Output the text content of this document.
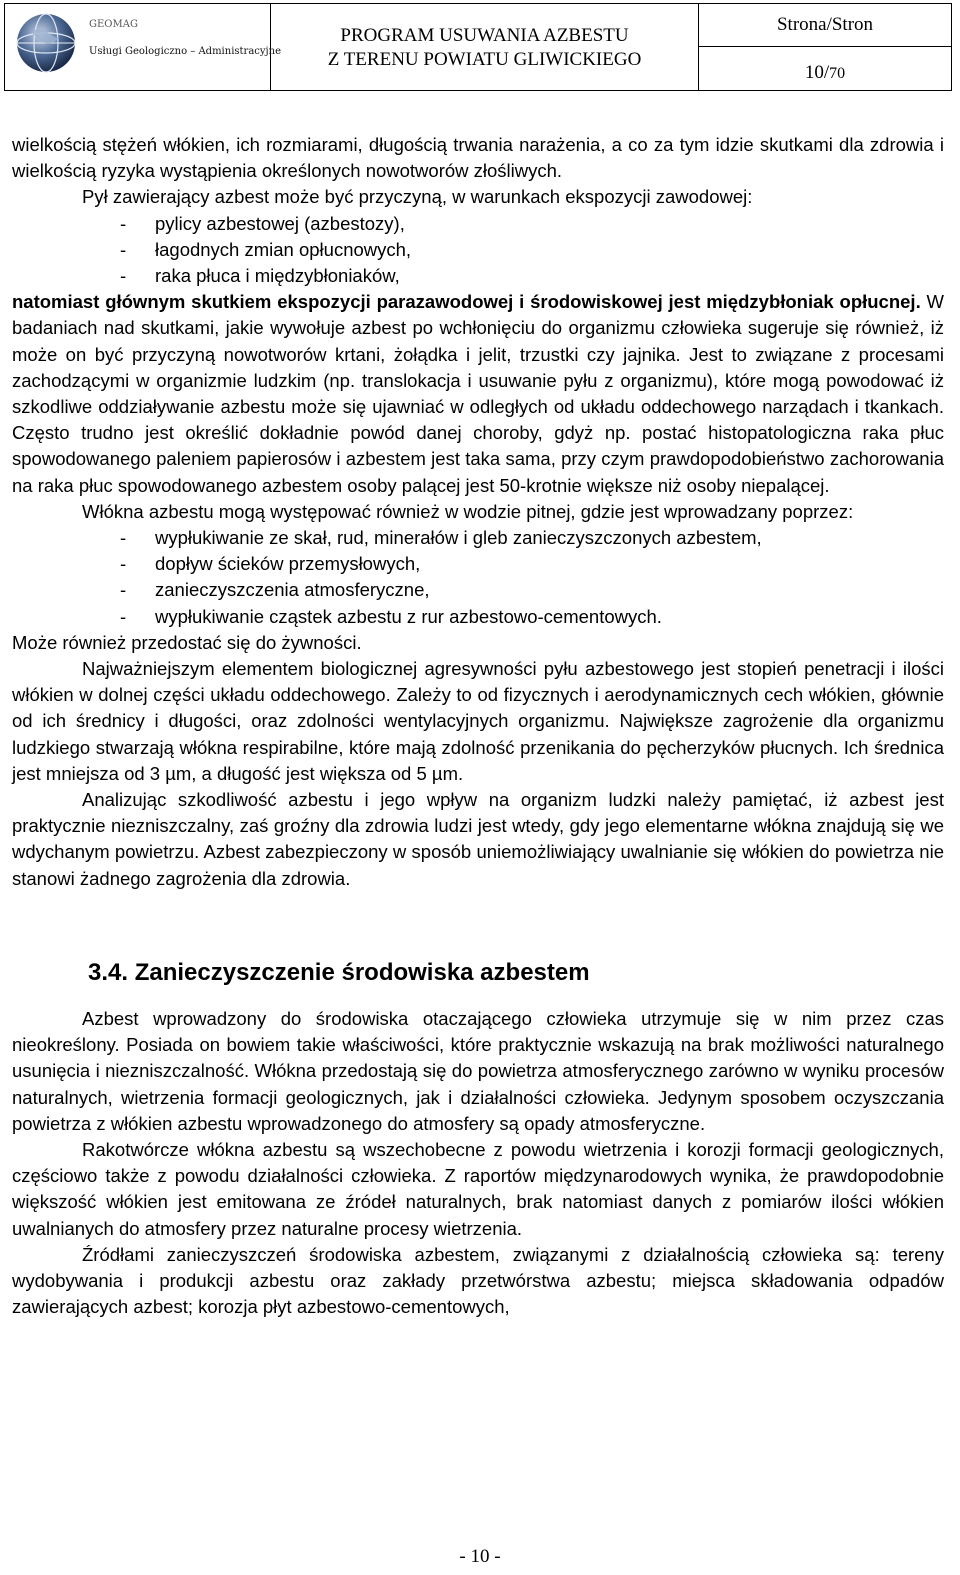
GEOMAG
Usługi Geologiczno – Administracyjne
PROGRAM USUWANIA AZBESTU
Z TERENU POWIATU GLIWICKIEGO
Strona/Stron
10/70

wielkością stężeń włókien, ich rozmiarami, długością trwania narażenia, a co za tym idzie skutkami dla zdrowia i wielkością ryzyka wystąpienia określonych nowotworów złośliwych.

Pył zawierający azbest może być przyczyną, w warunkach ekspozycji zawodowej:

- pylicy azbestowej (azbestozy),
- łagodnych zmian opłucnowych,
- raka płuca i międzybłoniaków,

natomiast głównym skutkiem ekspozycji parazawodowej i środowiskowej jest międzybłoniak opłucnej. W badaniach nad skutkami, jakie wywołuje azbest po wchłonięciu do organizmu człowieka sugeruje się również, iż może on być przyczyną nowotworów krtani, żołądka i jelit, trzustki czy jajnika. Jest to związane z procesami zachodzącymi w organizmie ludzkim (np. translokacja i usuwanie pyłu z organizmu), które mogą powodować iż szkodliwe oddziaływanie azbestu może się ujawniać w odległych od układu oddechowego narządach i tkankach. Często trudno jest określić dokładnie powód danej choroby, gdyż np. postać histopatologiczna raka płuc spowodowanego paleniem papierosów i azbestem jest taka sama, przy czym prawdopodobieństwo zachorowania na raka płuc spowodowanego azbestem osoby palącej jest 50-krotnie większe niż osoby niepalącej.

Włókna azbestu mogą występować również w wodzie pitnej, gdzie jest wprowadzany poprzez:

- wypłukiwanie ze skał, rud, minerałów i gleb zanieczyszczonych azbestem,
- dopływ ścieków przemysłowych,
- zanieczyszczenia atmosferyczne,
- wypłukiwanie cząstek azbestu z rur azbestowo-cementowych.

Może również przedostać się do żywności.

Najważniejszym elementem biologicznej agresywności pyłu azbestowego jest stopień penetracji i ilości włókien w dolnej części układu oddechowego. Zależy to od fizycznych i aerodynamicznych cech włókien, głównie od ich średnicy i długości, oraz zdolności wentylacyjnych organizmu. Największe zagrożenie dla organizmu ludzkiego stwarzają włókna respirabilne, które mają zdolność przenikania do pęcherzyków płucnych. Ich średnica jest mniejsza od 3 µm, a długość jest większa od 5 µm.

Analizując szkodliwość azbestu i jego wpływ na organizm ludzki należy pamiętać, iż azbest jest praktycznie niezniszczalny, zaś groźny dla zdrowia ludzi jest wtedy, gdy jego elementarne włókna znajdują się we wdychanym powietrzu. Azbest zabezpieczony w sposób uniemożliwiający uwalnianie się włókien do powietrza nie stanowi żadnego zagrożenia dla zdrowia.

3.4. Zanieczyszczenie środowiska azbestem

Azbest wprowadzony do środowiska otaczającego człowieka utrzymuje się w nim przez czas nieokreślony. Posiada on bowiem takie właściwości, które praktycznie wskazują na brak możliwości naturalnego usunięcia i niezniszczalność. Włókna przedostają się do powietrza atmosferycznego zarówno w wyniku procesów naturalnych, wietrzenia formacji geologicznych, jak i działalności człowieka. Jedynym sposobem oczyszczania powietrza z włókien azbestu wprowadzonego do atmosfery są opady atmosferyczne.

Rakotwórcze włókna azbestu są wszechobecne z powodu wietrzenia i korozji formacji geologicznych, częściowo także z powodu działalności człowieka. Z raportów międzynarodowych wynika, że prawdopodobnie większość włókien jest emitowana ze źródeł naturalnych, brak natomiast danych z pomiarów ilości włókien uwalnianych do atmosfery przez naturalne procesy wietrzenia.

Źródłami zanieczyszczeń środowiska azbestem, związanymi z działalnością człowieka są: tereny wydobywania i produkcji azbestu oraz zakłady przetwórstwa azbestu; miejsca składowania odpadów zawierających azbest; korozja płyt azbestowo-cementowych,

- 10 -
